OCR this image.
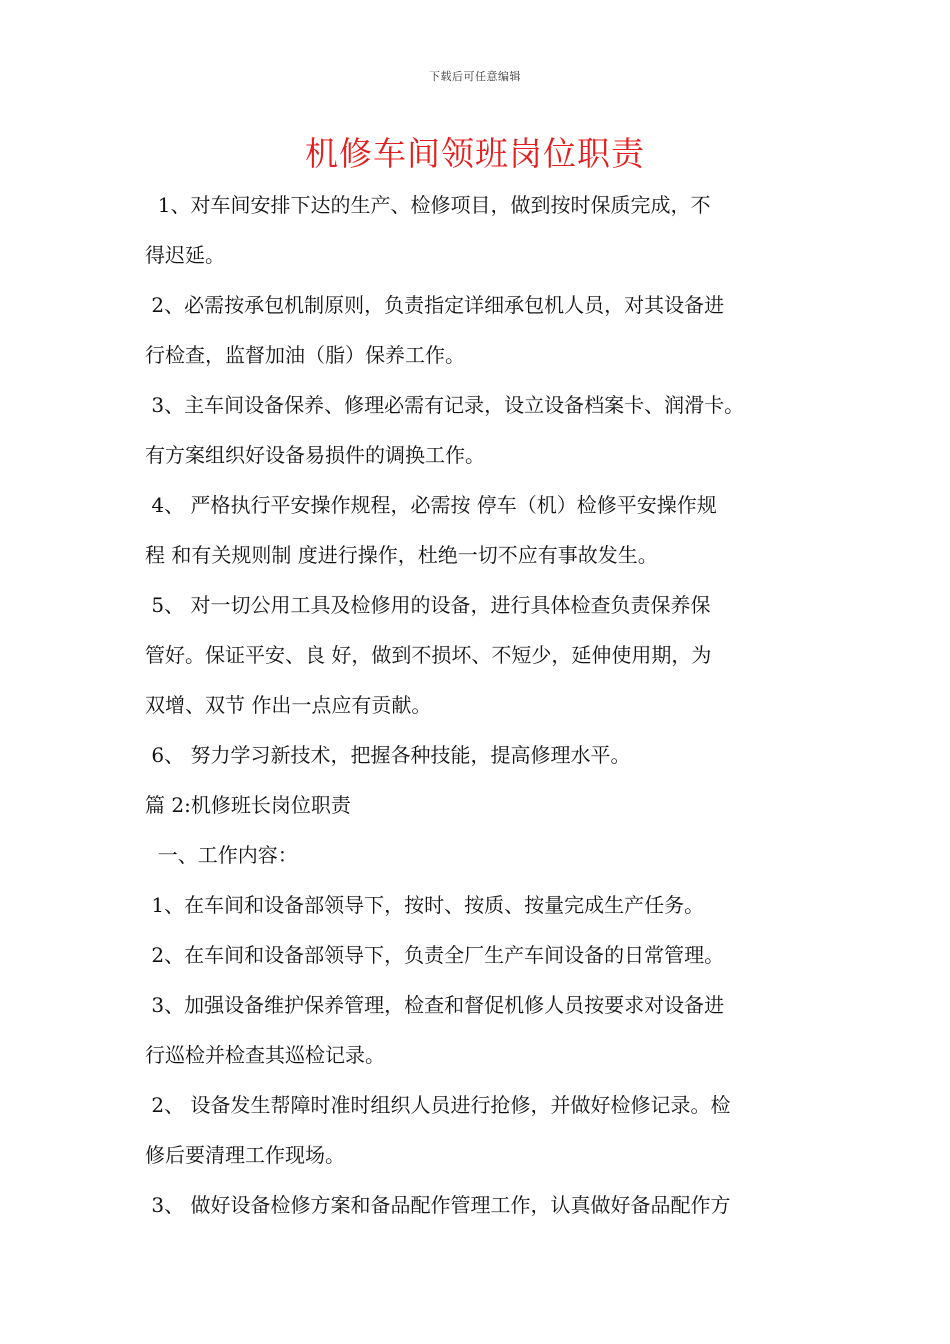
下载后可任意编辑
机修车间领班岗位职责

1、对车间安排下达的生产、检修项目，做到按时保质完成，不

得迟延。

2、必需按承包机制原则，负责指定详细承包机人员，对其设备进

行检查，监督加油（脂）保养工作。

3、主车间设备保养、修理必需有记录，设立设备档案卡、润滑卡。

有方案组织好设备易损件的调换工作。

4、 严格执行平安操作规程，必需按 停车（机）检修平安操作规

程 和有关规则制 度进行操作，杜绝一切不应有事故发生。

5、 对一切公用工具及检修用的设备，进行具体检查负责保养保

管好。保证平安、良 好，做到不损坏、不短少，延伸使用期，为

双增、双节 作出一点应有贡献。

6、 努力学习新技术，把握各种技能，提高修理水平。

篇 2:机修班长岗位职责

一、工作内容：

1、在车间和设备部领导下，按时、按质、按量完成生产任务。

2、在车间和设备部领导下，负责全厂生产车间设备的日常管理。

3、加强设备维护保养管理，检查和督促机修人员按要求对设备进

行巡检并检查其巡检记录。

2、 设备发生帮障时准时组织人员进行抢修，并做好检修记录。检

修后要清理工作现场。

3、 做好设备检修方案和备品配作管理工作，认真做好备品配作方
